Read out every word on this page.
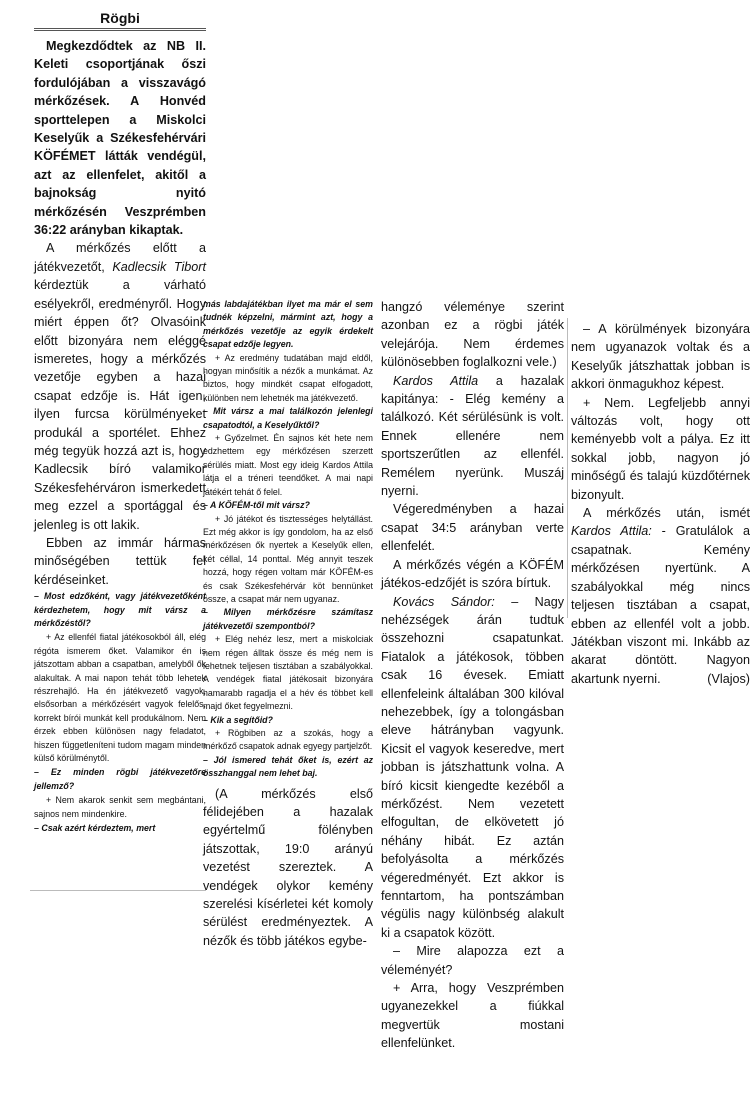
Rögbi

Megkezdődtek az NB II. Keleti csoportjának őszi fordulójában a visszavágó mérkőzések. A Honvéd sporttelepen a Miskolci Keselyűk a Székesfehérvári KÖFÉMET látták vendégül, azt az ellenfelet, akitől a bajnokság nyitó mérkőzésén Veszprémben 36:22 arányban kikaptak.

A mérkőzés előtt a játékvezetőt, Kadlecsik Tibort kérdeztük a várható esélyekről, eredményről. Hogy miért éppen őt? Olvasóink előtt bizonyára nem eléggé ismeretes, hogy a mérkőzés vezetője egyben a hazai csapat edzője is. Hát igen, ilyen furcsa körülményeket produkál a sportélet. Ehhez még tegyük hozzá azt is, hogy Kadlecsik bíró valamikor Székesfehérváron ismerkedett meg ezzel a sportággal és jelenleg is ott lakik.

Ebben az immár hármas minőségében tettük fel kérdéseinket.

– Most edzőként, vagy játékvezetőként kérdezhetem, hogy mit vársz a mérkőzéstől?

+ Az ellenfél fiatal játékosokból áll, elég régóta ismerem őket. Valamikor én is játszottam abban a csapatban, amelyből ők alakultak. A mai napon tehát több lehetek részrehajló. Ha én játékvezető vagyok, elsősorban a mérkőzésért vagyok felelős, korrekt bírói munkát kell produkálnom. Nem érzek ebben különösen nagy feladatot, hiszen függetleníteni tudom magam minden külső körülménytől.

– Ez minden rögbi játékvezetőre jellemző?

+ Nem akarok senkit sem megbántani, sajnos nem mindenkire.

– Csak azért kérdeztem, mert

más labdajátékban ilyet ma már el sem tudnék képzelni, mármint azt, hogy a mérkőzés vezetője az egyik érdekelt csapat edzője legyen.

+ Az eredmény tudatában majd eldől, hogyan minősítik a nézők a munkámat. Az biztos, hogy mindkét csapat elfogadott, különben nem lehetnék ma játékvezető.

– Mit vársz a mai találkozón jelenlegi csapatodtól, a Keselyűktől?

+ Győzelmet. Én sajnos két hete nem edzhettem egy mérkőzésen szerzett sérülés miatt. Most egy ideig Kardos Attila látja el a tréneri teendőket. A mai napi játékért tehát ő felel.

– A KÖFÉM-től mit vársz?

+ Jó játékot és tisztességes helytállást. Ezt még akkor is így gondolom, ha az első mérkőzésen ők nyertek a Keselyűk ellen, két céllal, 14 ponttal. Még annyit teszek hozzá, hogy régen voltam már KÖFÉM-es és csak Székesfehérvár köt bennünket össze, a csapat már nem ugyanaz.

– Milyen mérkőzésre számítasz játékvezetői szempontból?

+ Elég nehéz lesz, mert a miskolciak nem régen álltak össze és még nem is lehetnek teljesen tisztában a szabályokkal. A vendégek fiatal játékosait bizonyára hamarabb ragadja el a hév és többet kell majd őket fegyelmezni.

– Kik a segítőid?

+ Rögbiben az a szokás, hogy a mérkőző csapatok adnak egyegy partjelzőt.

– Jól ismered tehát őket is, ezért az összhanggal nem lehet baj.

(A mérkőzés első félidejében a hazalak egyértelmű fölényben játszottak, 19:0 arányú vezetést szereztek. A vendégek olykor kemény szerelési kísérletei két komoly sérülést eredményeztek. A nézők és több játékos egybe-

hangzó véleménye szerint azonban ez a rögbi játék velejárója. Nem érdemes különösebben foglalkozni vele.)

Kardos Attila a hazalak kapitánya: - Elég kemény a találkozó. Két sérülésünk is volt. Ennek ellenére nem sportszerűtlen az ellenfél. Remélem nyerünk. Muszáj nyerni.

Végeredményben a hazai csapat 34:5 arányban verte ellenfelét.

A mérkőzés végén a KÖFÉM játékos-edzőjét is szóra bírtuk.

Kovács Sándor: – Nagy nehézségek árán tudtuk összehozni csapatunkat. Fiatalok a játékosok, többen csak 16 évesek. Emiatt ellenfeleink általában 300 kilóval nehezebbek, így a tolongásban eleve hátrányban vagyunk. Kicsit el vagyok keseredve, mert jobban is játszhattunk volna. A bíró kicsit kiengedte kezéből a mérkőzést. Nem vezetett elfogultan, de elkövetett jó néhány hibát. Ez aztán befolyásolta a mérkőzés végeredményét. Ezt akkor is fenntartom, ha pontszámban végülis nagy különbség alakult ki a csapatok között.

– Mire alapozza ezt a véleményét?

+ Arra, hogy Veszprémben ugyanezekkel a fiúkkal megvertük mostani ellenfelünket.

– A körülmények bizonyára nem ugyanazok voltak és a Keselyűk játszhattak jobban is akkori önmagukhoz képest.

+ Nem. Legfeljebb annyi változás volt, hogy ott keményebb volt a pálya. Ez itt sokkal jobb, nagyon jó minőségű és talajú küzdőtérnek bizonyult.

A mérkőzés után, ismét Kardos Attila: - Gratulálok a csapatnak. Kemény mérkőzésen nyertünk. A szabályokkal még nincs teljesen tisztában a csapat, ebben az ellenfél volt a jobb. Játékban viszont mi. Inkább az akarat döntött. Nagyon akartunk nyerni.	(Vlajos)
